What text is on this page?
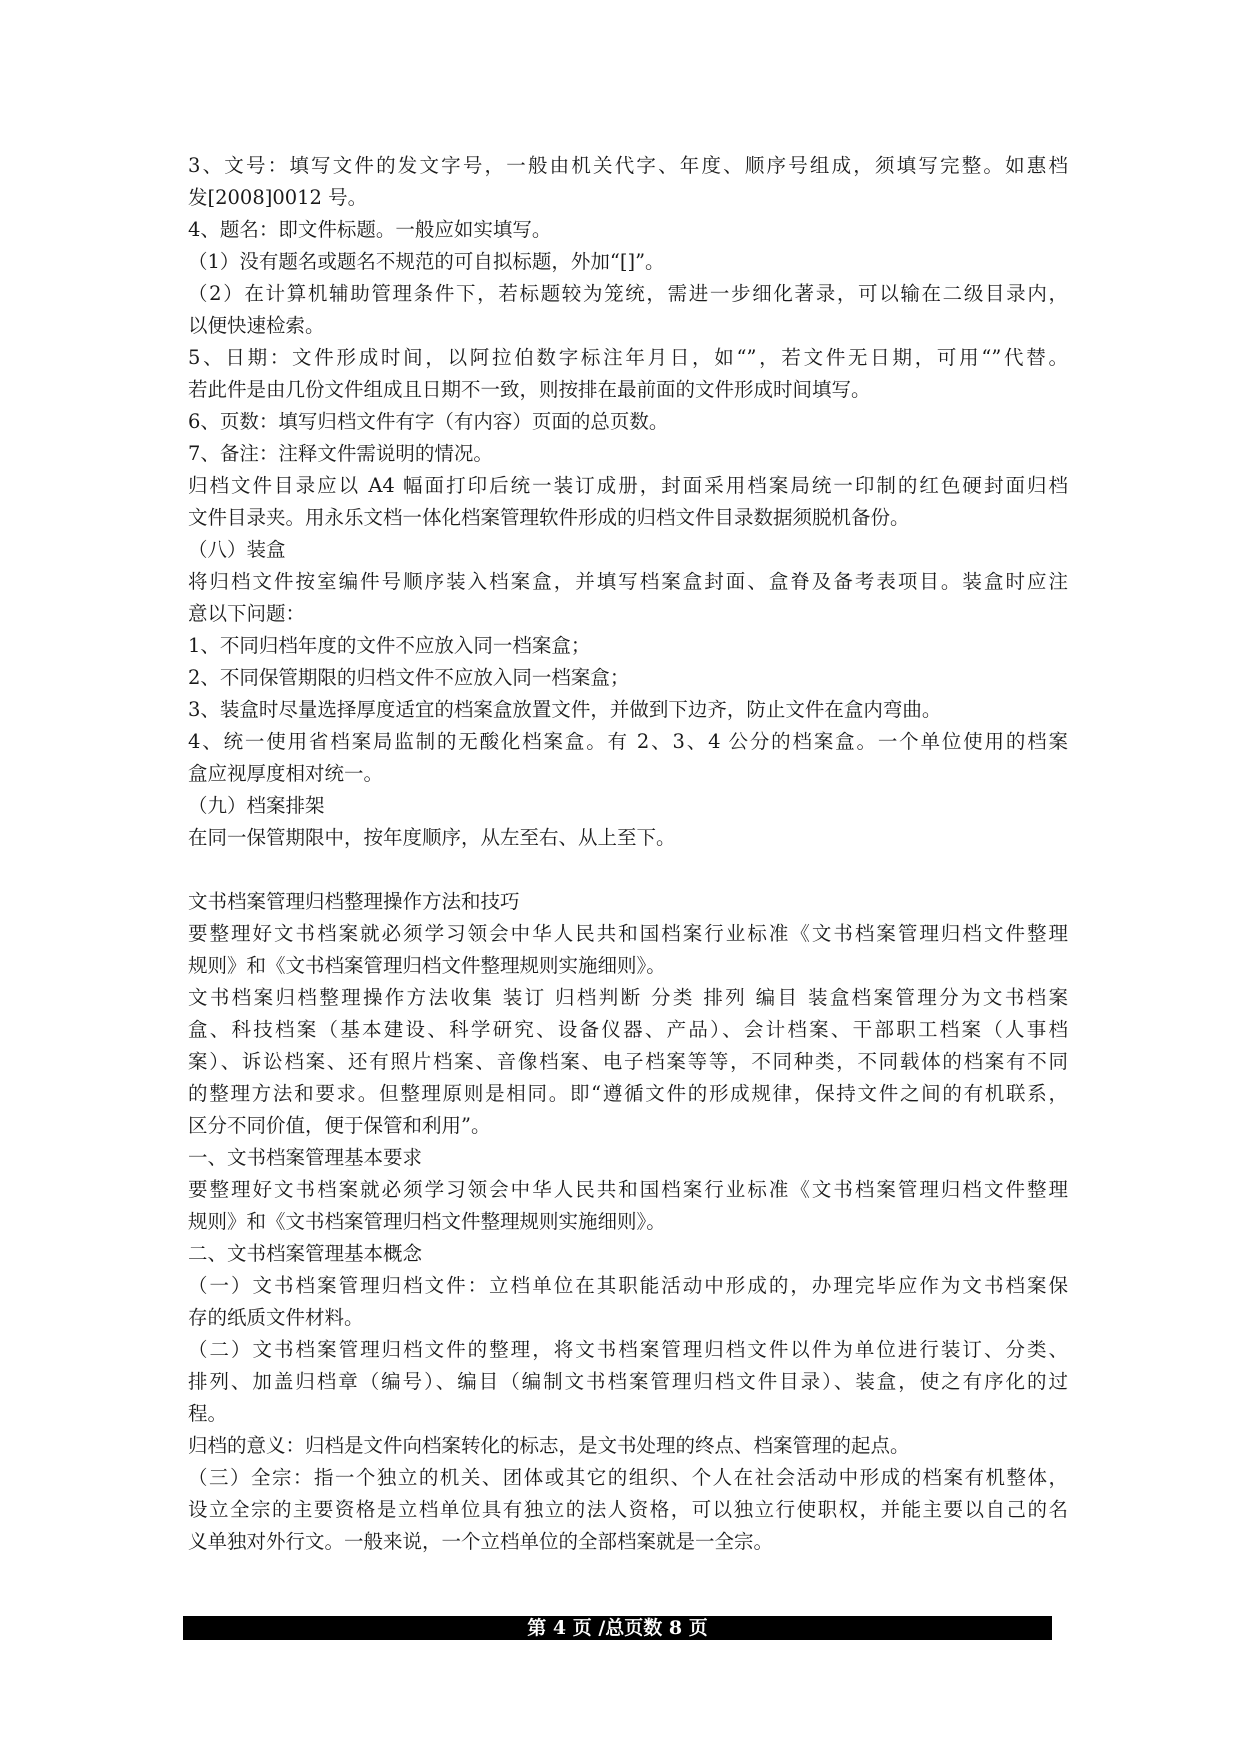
3、文号：填写文件的发文字号，一般由机关代字、年度、顺序号组成，须填写完整。如惠档
发[2008]0012 号。
4、题名：即文件标题。一般应如实填写。
（1）没有题名或题名不规范的可自拟标题，外加“[]”。
（2）在计算机辅助管理条件下，若标题较为笼统，需进一步细化著录，可以输在二级目录内，
以便快速检索。
5、日期：文件形成时间，以阿拉伯数字标注年月日，如“”，若文件无日期，可用“”代替。
若此件是由几份文件组成且日期不一致，则按排在最前面的文件形成时间填写。
6、页数：填写归档文件有字（有内容）页面的总页数。
7、备注：注释文件需说明的情况。
归档文件目录应以 A4 幅面打印后统一装订成册，封面采用档案局统一印制的红色硬封面归档
文件目录夹。用永乐文档一体化档案管理软件形成的归档文件目录数据须脱机备份。
（八）装盒
将归档文件按室编件号顺序装入档案盒，并填写档案盒封面、盒脊及备考表项目。装盒时应注
意以下问题：
1、不同归档年度的文件不应放入同一档案盒；
2、不同保管期限的归档文件不应放入同一档案盒；
3、装盒时尽量选择厚度适宜的档案盒放置文件，并做到下边齐，防止文件在盒内弯曲。
4、统一使用省档案局监制的无酸化档案盒。有 2、3、4 公分的档案盒。一个单位使用的档案
盒应视厚度相对统一。
（九）档案排架
在同一保管期限中，按年度顺序，从左至右、从上至下。
文书档案管理归档整理操作方法和技巧
要整理好文书档案就必须学习领会中华人民共和国档案行业标准《文书档案管理归档文件整理
规则》和《文书档案管理归档文件整理规则实施细则》。
文书档案归档整理操作方法收集 装订 归档判断 分类 排列 编目 装盒档案管理分为文书档案
盒、科技档案（基本建设、科学研究、设备仪器、产品）、会计档案、干部职工档案（人事档
案）、诉讼档案、还有照片档案、音像档案、电子档案等等，不同种类，不同载体的档案有不同
的整理方法和要求。但整理原则是相同。即“遵循文件的形成规律，保持文件之间的有机联系，
区分不同价值，便于保管和利用”。
一、文书档案管理基本要求
要整理好文书档案就必须学习领会中华人民共和国档案行业标准《文书档案管理归档文件整理
规则》和《文书档案管理归档文件整理规则实施细则》。
二、文书档案管理基本概念
（一）文书档案管理归档文件：立档单位在其职能活动中形成的，办理完毕应作为文书档案保
存的纸质文件材料。
（二）文书档案管理归档文件的整理，将文书档案管理归档文件以件为单位进行装订、分类、
排列、加盖归档章（编号）、编目（编制文书档案管理归档文件目录）、装盒，使之有序化的过
程。
归档的意义：归档是文件向档案转化的标志，是文书处理的终点、档案管理的起点。
（三）全宗：指一个独立的机关、团体或其它的组织、个人在社会活动中形成的档案有机整体，
设立全宗的主要资格是立档单位具有独立的法人资格，可以独立行使职权，并能主要以自己的名
义单独对外行文。一般来说，一个立档单位的全部档案就是一全宗。
第 4 页 /总页数 8 页
